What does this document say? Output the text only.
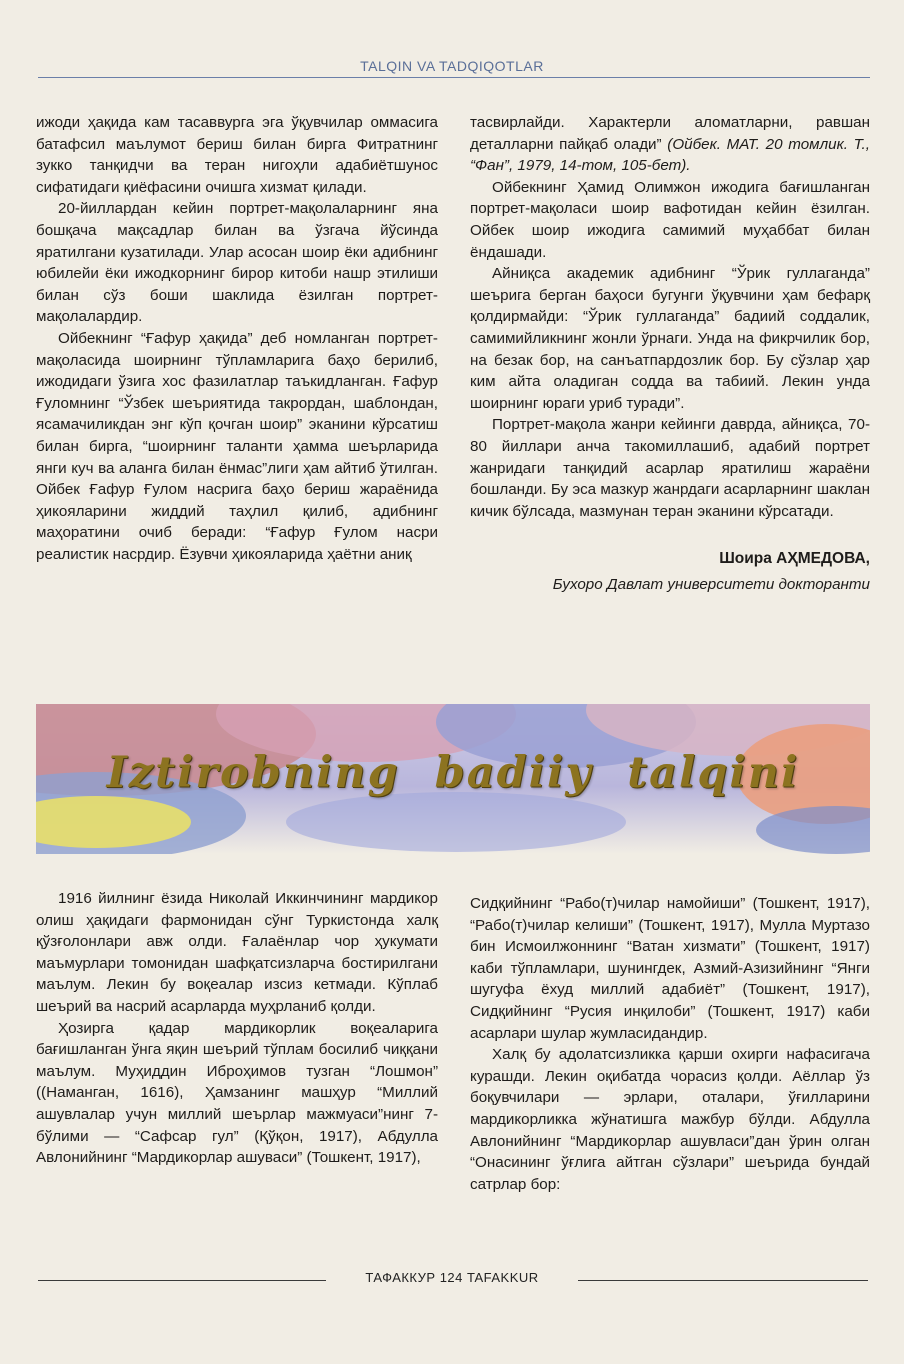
TALQIN VA TADQIQOTLAR

ижоди ҳақида кам тасаввурга эга ўқувчилар оммасига батафсил маълумот бериш билан бирга Фитратнинг зукко танқидчи ва теран нигоҳли адабиётшунос сифатидаги қиёфасини очишга хизмат қилади.

20-йиллардан кейин портрет-мақолаларнинг яна бошқача мақсадлар билан ва ўзгача йўсинда яратилгани кузатилади. Улар асосан шоир ёки адибнинг юбилейи ёки ижодкорнинг бирор китоби нашр этилиши билан сўз боши шаклида ёзилган портрет-мақолалардир.

Ойбекнинг “Ғафур ҳақида” деб номланган портрет-мақоласида шоирнинг тўпламларига баҳо берилиб, ижодидаги ўзига хос фазилатлар таъкидланган. Ғафур Ғуломнинг “Ўзбек шеъриятида такрордан, шаблондан, ясамачиликдан энг кўп қочган шоир” эканини кўрсатиш билан бирга, “шоирнинг таланти ҳамма шеърларида янги куч ва аланга билан ёнмас”лиги ҳам айтиб ўтилган. Ойбек Ғафур Ғулом насрига баҳо бериш жараёнида ҳикояларини жиддий таҳлил қилиб, адибнинг маҳоратини очиб беради: “Ғафур Ғулом насри реалистик насрдир. Ёзувчи ҳикояларида ҳаётни аниқ

тасвирлайди. Характерли аломатларни, равшан деталларни пайқаб олади” (Ойбек. МАТ. 20 томлик. Т., “Фан”, 1979, 14-том, 105-бет).

Ойбекнинг Ҳамид Олимжон ижодига бағишланган портрет-мақоласи шоир вафотидан кейин ёзилган. Ойбек шоир ижодига самимий муҳаббат билан ёндашади.

Айниқса академик адибнинг “Ўрик гуллаганда” шеърига берган баҳоси бугунги ўқувчини ҳам бефарқ қолдирмайди: “Ўрик гуллаганда” бадиий соддалик, самимийликнинг жонли ўрнаги. Унда на фикрчилик бор, на безак бор, на санъатпардозлик бор. Бу сўзлар ҳар ким айта оладиган содда ва табиий. Лекин унда шоирнинг юраги уриб туради”.

Портрет-мақола жанри кейинги даврда, айниқса, 70-80 йиллари анча такомиллашиб, адабий портрет жанридаги танқидий асарлар яратилиш жараёни бошланди. Бу эса мазкур жанрдаги асарларнинг шаклан кичик бўлсада, мазмунан теран эканини кўрсатади.

Шоира АҲМЕДОВА,
Бухоро Давлат университети докторанти
Iztirobning badiiy talqini

1916 йилнинг ёзида Николай Иккинчининг мардикор олиш ҳақидаги фармонидан сўнг Туркистонда халқ қўзғолонлари авж олди. Ғалаёнлар чор ҳукумати маъмурлари томонидан шафқатсизларча бостирилгани маълум. Лекин бу воқеалар изсиз кетмади. Кўплаб шеърий ва насрий асарларда муҳрланиб қолди.

Ҳозирга қадар мардикорлик воқеаларига бағишланган ўнга яқин шеърий тўплам босилиб чиққани маълум. Муҳиддин Иброҳимов тузган “Лошмон” ((Наманган, 1616), Ҳамзанинг машҳур “Миллий ашувлалар учун миллий шеърлар мажмуаси”нинг 7-бўлими — “Сафсар гул” (Қўқон, 1917), Абдулла Авлонийнинг “Мардикорлар ашуваси” (Тошкент, 1917),

Сидқийнинг “Рабо(т)чилар намойиши” (Тошкент, 1917), “Рабо(т)чилар келиши” (Тошкент, 1917), Мулла Муртазо бин Исмоилжоннинг “Ватан хизмати” (Тошкент, 1917) каби тўпламлари, шунингдек, Азмий-Азизийнинг “Янги шугуфа ёхуд миллий адабиёт” (Тошкент, 1917), Сидқийнинг “Русия инқилоби” (Тошкент, 1917) каби асарлари шулар жумласидандир.

Халқ бу адолатсизликка қарши охирги нафасигача курашди. Лекин оқибатда чорасиз қолди. Аёллар ўз боқувчилари — эрлари, оталари, ўғилларини мардикорликка жўнатишга мажбур бўлди. Абдулла Авлонийнинг “Мардикорлар ашувласи”дан ўрин олган “Онасининг ўғлига айтган сўзлари” шеърида бундай сатрлар бор:

ТАФАККУР 124 TAFAKKUR
